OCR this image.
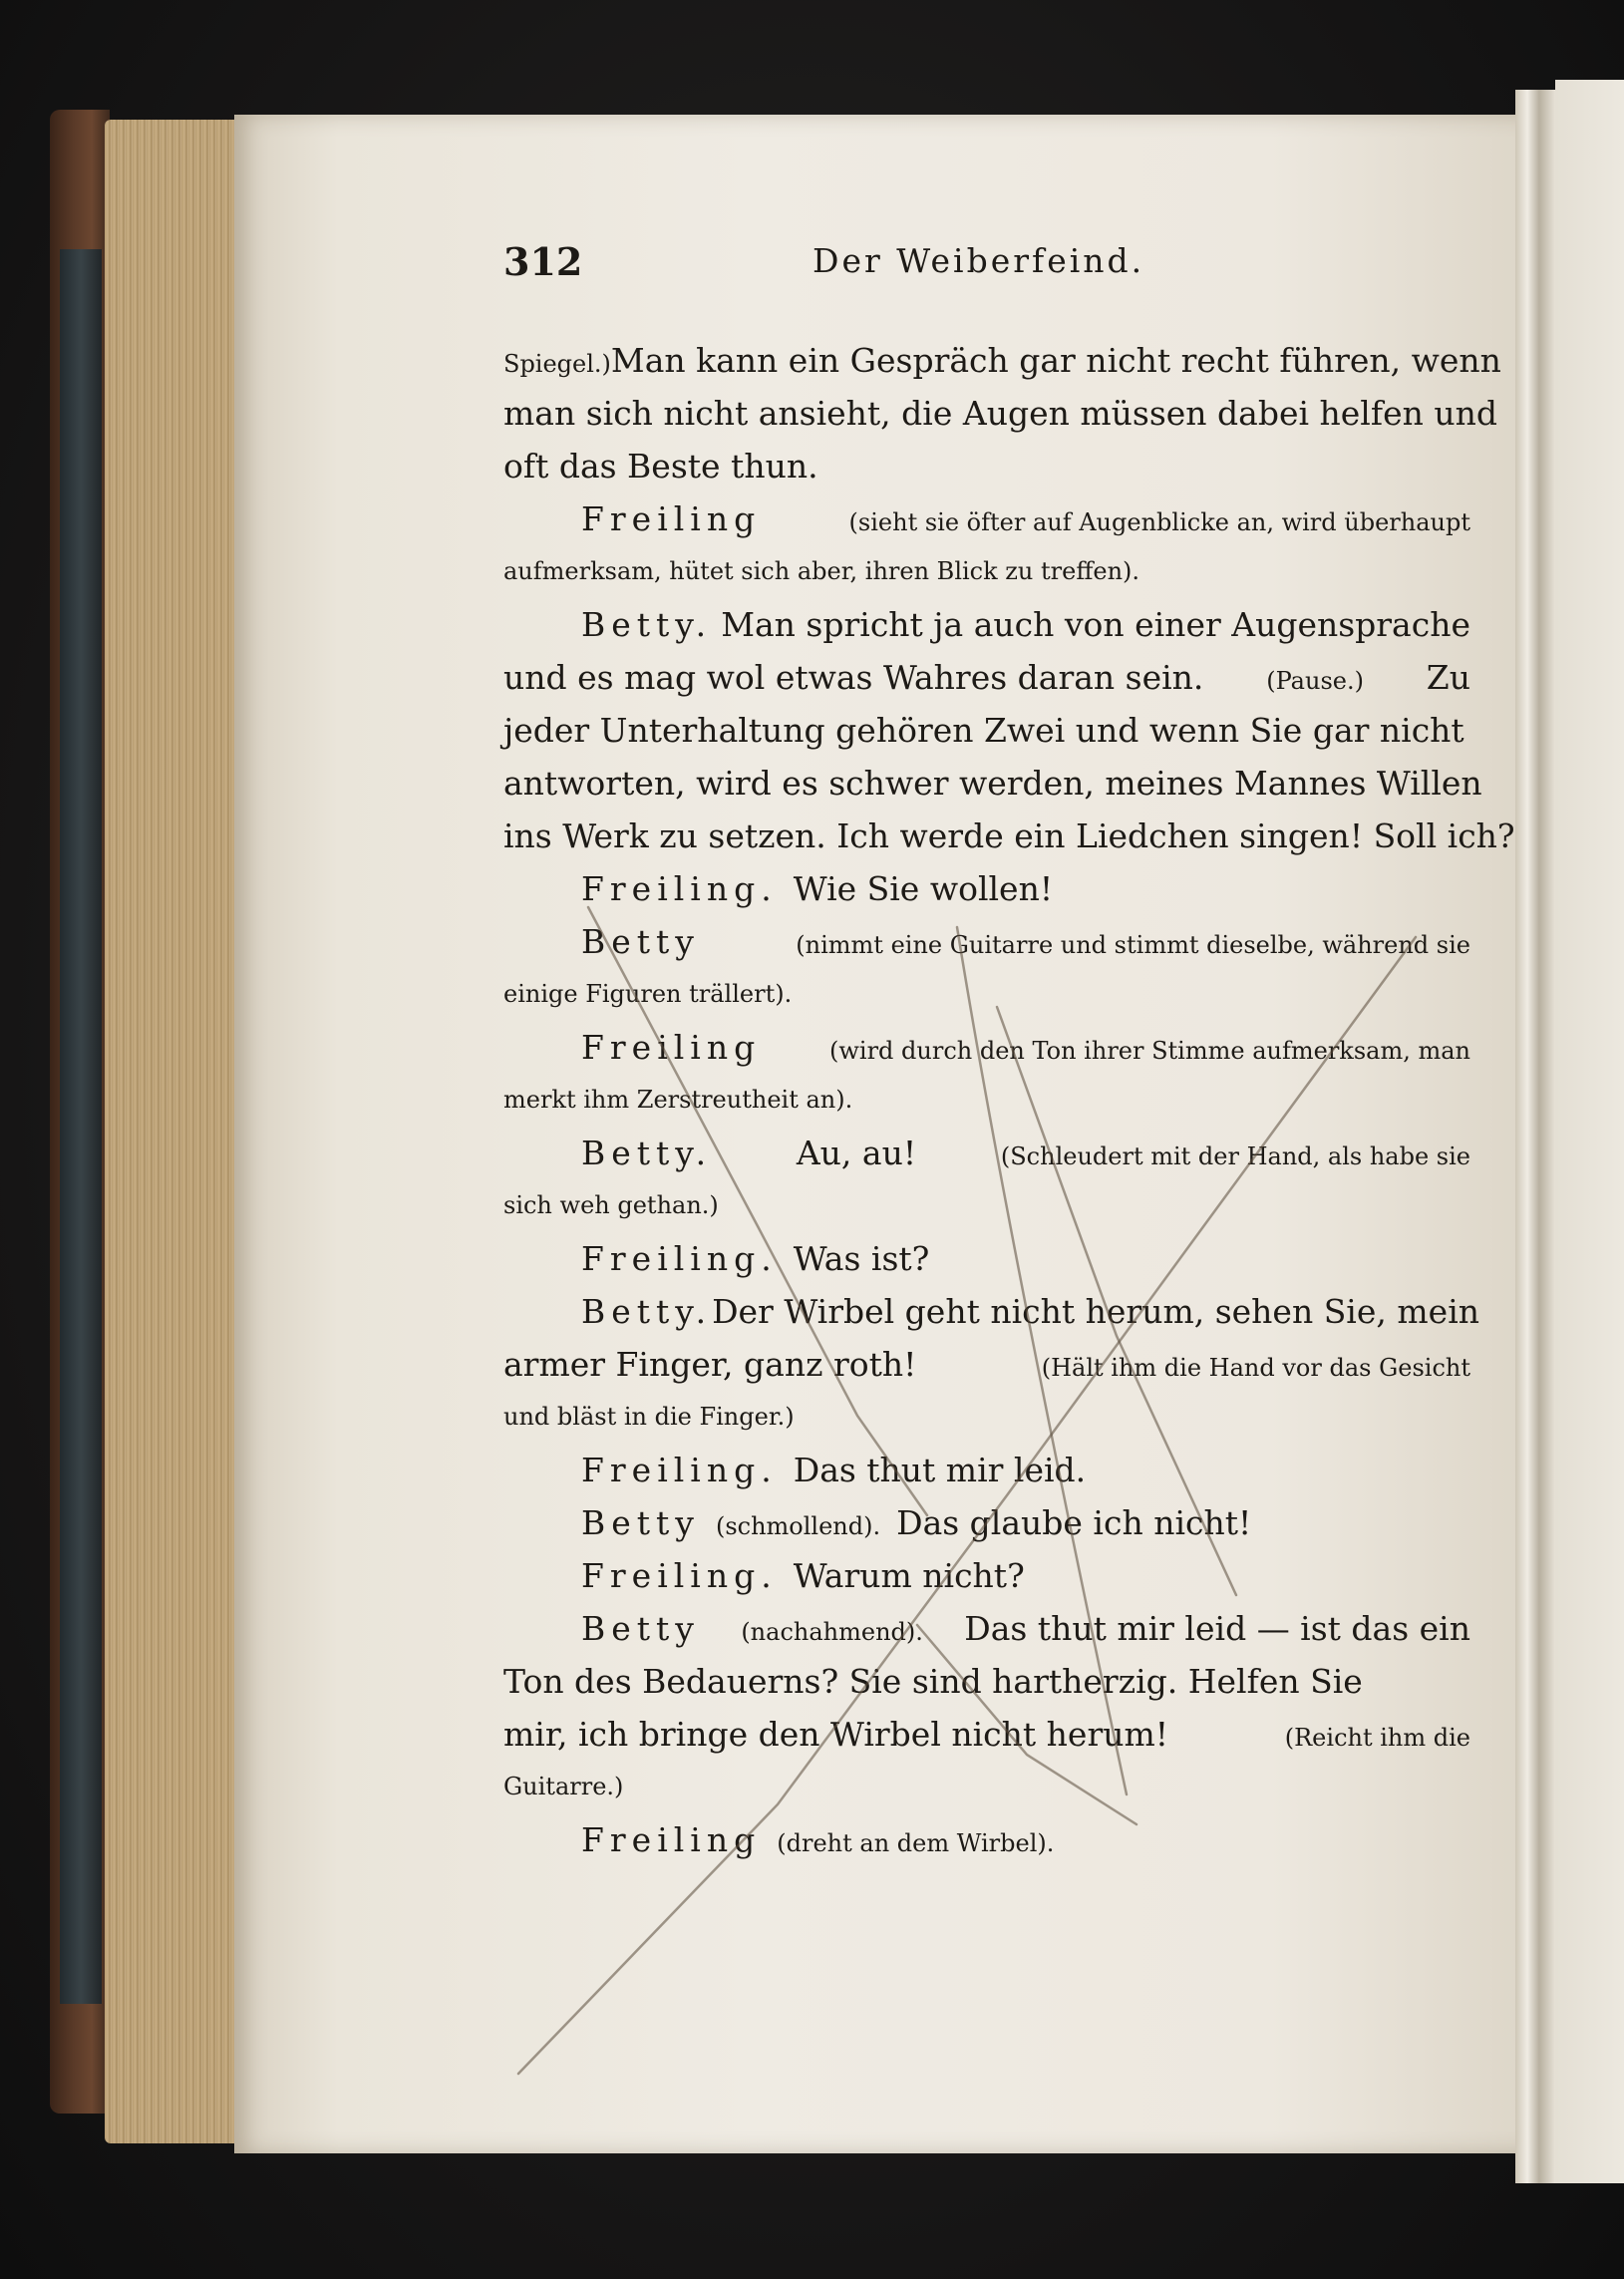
312	Der Weiberfeind.
Spiegel.) Man kann ein Gespräch gar nicht recht führen, wenn
man sich nicht ansieht, die Augen müssen dabei helfen und
oft das Beste thun.
Freiling	(sieht sie öfter auf Augenblicke an, wird überhaupt
aufmerksam, hütet sich aber, ihren Blick zu treffen).
Betty. Man spricht ja auch von einer Augensprache
und es mag wol etwas Wahres daran sein.	(Pause.) Zu
jeder Unterhaltung gehören Zwei und wenn Sie gar nicht
antworten, wird es schwer werden, meines Mannes Willen
ins Werk zu setzen. Ich werde ein Liedchen singen! Soll ich?
Freiling. Wie Sie wollen!
Betty	(nimmt eine Guitarre und stimmt dieselbe, während sie
einige Figuren trällert).
Freiling	(wird durch den Ton ihrer Stimme aufmerksam, man
merkt ihm Zerstreutheit an).
Betty.	Au, au!	(Schleudert mit der Hand, als habe sie
sich weh gethan.)
Freiling. Was ist?
Betty. Der Wirbel geht nicht herum, sehen Sie, mein
armer Finger, ganz roth!	(Hält ihm die Hand vor das Gesicht
und bläst in die Finger.)
Freiling. Das thut mir leid.
Betty (schmollend). Das glaube ich nicht!
Freiling. Warum nicht?
Betty (nachahmend). Das thut mir leid — ist das ein
Ton des Bedauerns? Sie sind hartherzig. Helfen Sie
mir, ich bringe den Wirbel nicht herum!	(Reicht ihm die
Guitarre.)
Freiling (dreht an dem Wirbel).
